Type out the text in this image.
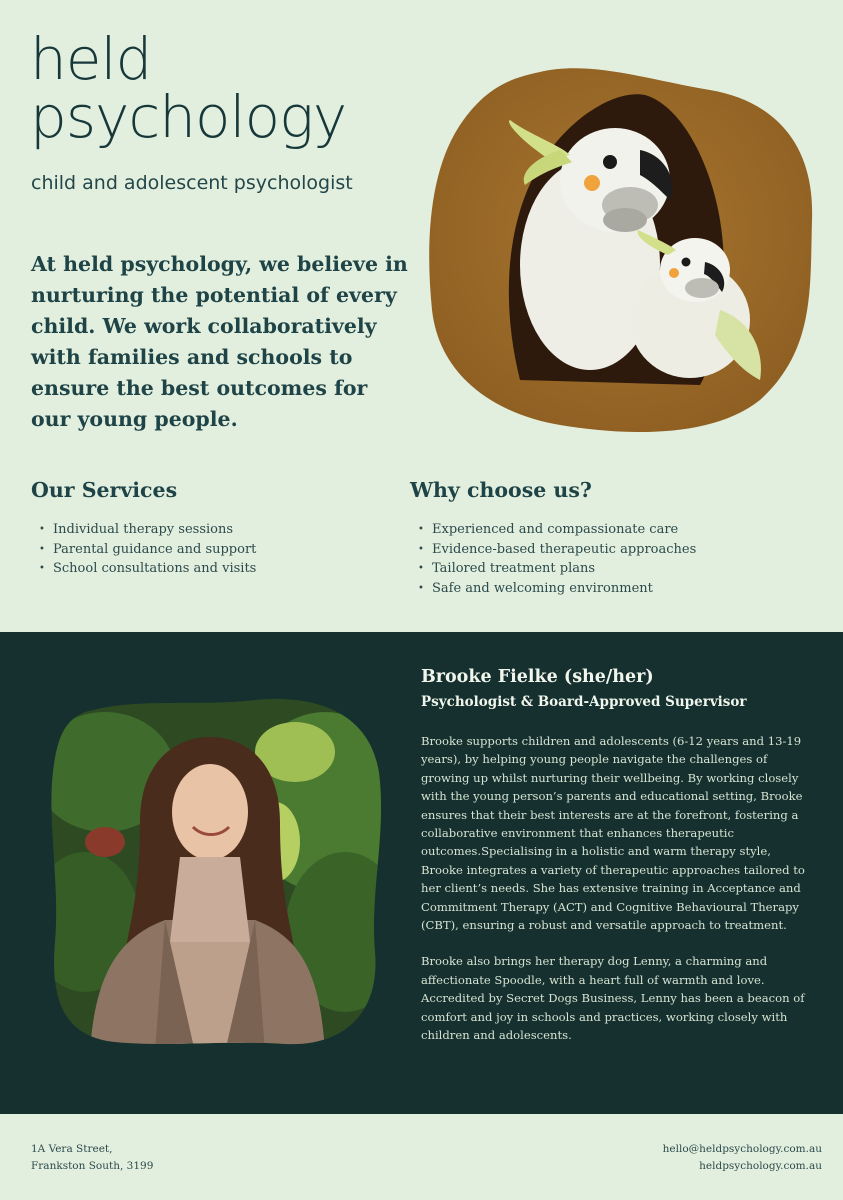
held
psychology
child and adolescent psychologist
At held psychology, we believe in nurturing the potential of every child. We work collaboratively with families and schools to ensure the best outcomes for our young people.
Our Services
• Individual therapy sessions
• Parental guidance and support
• School consultations and visits
Why choose us?
• Experienced and compassionate care
• Evidence-based therapeutic approaches
• Tailored treatment plans
• Safe and welcoming environment
Brooke Fielke (she/her)
Psychologist & Board-Approved Supervisor

Brooke supports children and adolescents (6-12 years and 13-19 years), by helping young people navigate the challenges of growing up whilst nurturing their wellbeing. By working closely with the young person’s parents and educational setting, Brooke ensures that their best interests are at the forefront, fostering a collaborative environment that enhances therapeutic outcomes.Specialising in a holistic and warm therapy style, Brooke integrates a variety of therapeutic approaches tailored to her client’s needs. She has extensive training in Acceptance and Commitment Therapy (ACT) and Cognitive Behavioural Therapy (CBT), ensuring a robust and versatile approach to treatment.

Brooke also brings her therapy dog Lenny, a charming and affectionate Spoodle, with a heart full of warmth and love. Accredited by Secret Dogs Business, Lenny has been a beacon of comfort and joy in schools and practices, working closely with children and adolescents.

1A Vera Street,
Frankston South, 3199
hello@heldpsychology.com.au
heldpsychology.com.au
